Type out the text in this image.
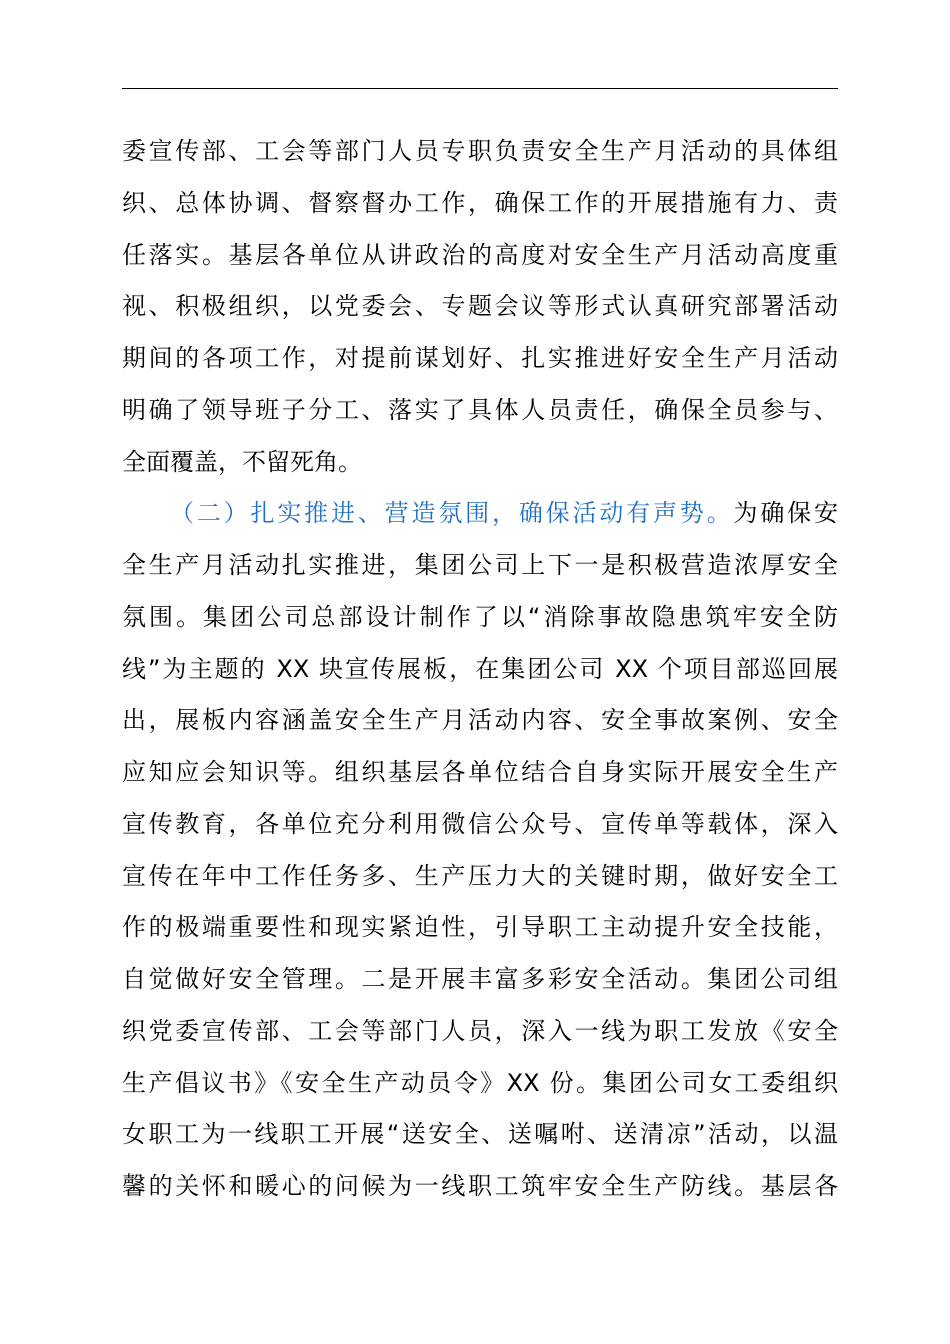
委宣传部、工会等部门人员专职负责安全生产月活动的具体组
织、总体协调、督察督办工作，确保工作的开展措施有力、责
任落实。基层各单位从讲政治的高度对安全生产月活动高度重
视、积极组织，以党委会、专题会议等形式认真研究部署活动
期间的各项工作，对提前谋划好、扎实推进好安全生产月活动
明确了领导班子分工、落实了具体人员责任，确保全员参与、
全面覆盖，不留死角。
（二）扎实推进、营造氛围，确保活动有声势。为确保安
全生产月活动扎实推进，集团公司上下一是积极营造浓厚安全
氛围。集团公司总部设计制作了以“消除事故隐患筑牢安全防
线”为主题的 XX 块宣传展板，在集团公司 XX 个项目部巡回展
出，展板内容涵盖安全生产月活动内容、安全事故案例、安全
应知应会知识等。组织基层各单位结合自身实际开展安全生产
宣传教育，各单位充分利用微信公众号、宣传单等载体，深入
宣传在年中工作任务多、生产压力大的关键时期，做好安全工
作的极端重要性和现实紧迫性，引导职工主动提升安全技能，
自觉做好安全管理。二是开展丰富多彩安全活动。集团公司组
织党委宣传部、工会等部门人员，深入一线为职工发放《安全
生产倡议书》《安全生产动员令》XX 份。集团公司女工委组织
女职工为一线职工开展“送安全、送嘱咐、送清凉”活动，以温
馨的关怀和暖心的问候为一线职工筑牢安全生产防线。基层各
